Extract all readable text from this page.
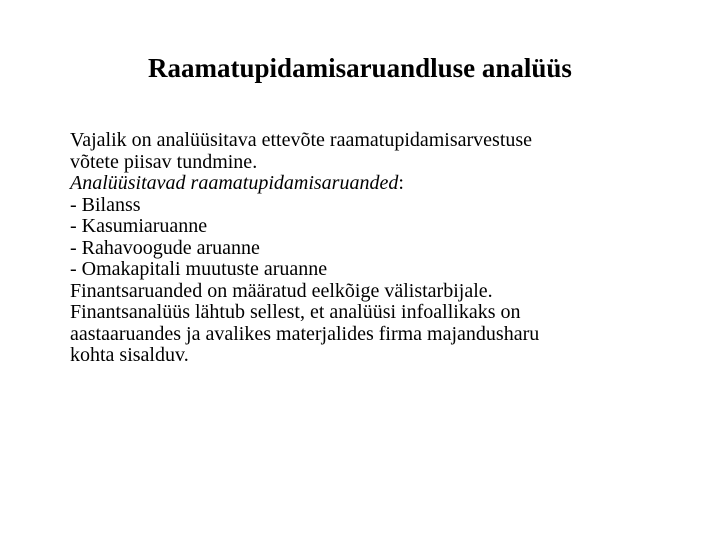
Raamatupidamisaruandluse analüüs
Vajalik on analüüsitava ettevõte raamatupidamisarvestuse
võtete piisav tundmine.
Analüüsitavad raamatupidamisaruanded:
- Bilanss
- Kasumiaruanne
- Rahavoogude aruanne
- Omakapitali muutuste aruanne
Finantsaruanded on määratud eelkõige välistarbijale.
Finantsanalüüs lähtub sellest, et analüüsi infoallikaks on
aastaaruandes ja avalikes materjalides firma majandusharu
kohta sisalduv.
